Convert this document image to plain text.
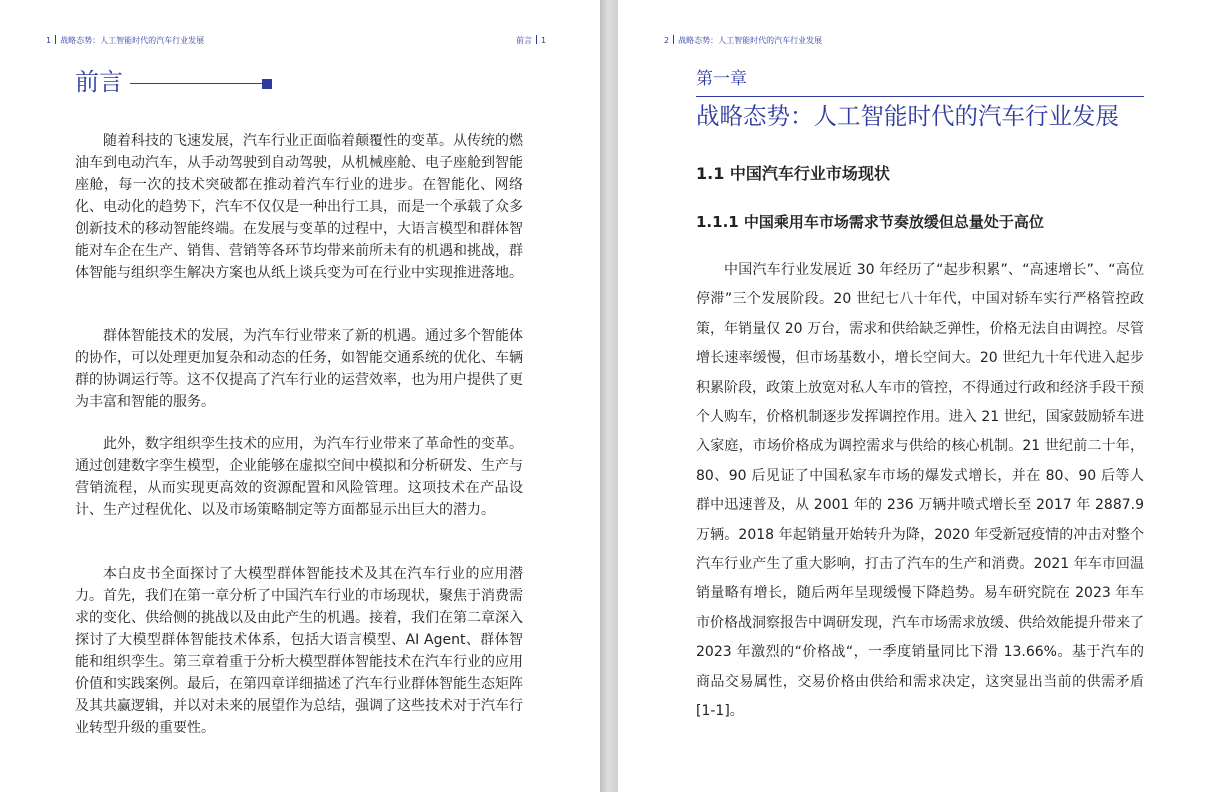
1 战略态势：人工智能时代的汽车行业发展	前言 1
前言

随着科技的飞速发展，汽车行业正面临着颠覆性的变革。从传统的燃油车到电动汽车，从手动驾驶到自动驾驶，从机械座舱、电子座舱到智能座舱，每一次的技术突破都在推动着汽车行业的进步。在智能化、网络化、电动化的趋势下，汽车不仅仅是一种出行工具，而是一个承载了众多创新技术的移动智能终端。在发展与变革的过程中，大语言模型和群体智能对车企在生产、销售、营销等各环节均带来前所未有的机遇和挑战，群体智能与组织孪生解决方案也从纸上谈兵变为可在行业中实现推进落地。

群体智能技术的发展，为汽车行业带来了新的机遇。通过多个智能体的协作，可以处理更加复杂和动态的任务，如智能交通系统的优化、车辆群的协调运行等。这不仅提高了汽车行业的运营效率，也为用户提供了更为丰富和智能的服务。

此外，数字组织孪生技术的应用，为汽车行业带来了革命性的变革。通过创建数字孪生模型，企业能够在虚拟空间中模拟和分析研发、生产与营销流程，从而实现更高效的资源配置和风险管理。这项技术在产品设计、生产过程优化、以及市场策略制定等方面都显示出巨大的潜力。

本白皮书全面探讨了大模型群体智能技术及其在汽车行业的应用潜力。首先，我们在第一章分析了中国汽车行业的市场现状，聚焦于消费需求的变化、供给侧的挑战以及由此产生的机遇。接着，我们在第二章深入探讨了大模型群体智能技术体系，包括大语言模型、AI Agent、群体智能和组织孪生。第三章着重于分析大模型群体智能技术在汽车行业的应用价值和实践案例。最后，在第四章详细描述了汽车行业群体智能生态矩阵及其共赢逻辑，并以对未来的展望作为总结，强调了这些技术对于汽车行业转型升级的重要性。

2 战略态势：人工智能时代的汽车行业发展
第一章
战略态势：人工智能时代的汽车行业发展
1.1 中国汽车行业市场现状
1.1.1 中国乘用车市场需求节奏放缓但总量处于高位

中国汽车行业发展近 30 年经历了“起步积累”、“高速增长”、“高位停滞”三个发展阶段。20 世纪七八十年代，中国对轿车实行严格管控政策，年销量仅 20 万台，需求和供给缺乏弹性，价格无法自由调控。尽管增长速率缓慢，但市场基数小，增长空间大。20 世纪九十年代进入起步积累阶段，政策上放宽对私人车市的管控，不得通过行政和经济手段干预个人购车，价格机制逐步发挥调控作用。进入 21 世纪，国家鼓励轿车进入家庭，市场价格成为调控需求与供给的核心机制。21 世纪前二十年，80、90 后见证了中国私家车市场的爆发式增长，并在 80、90 后等人群中迅速普及，从 2001 年的 236 万辆井喷式增长至 2017 年 2887.9 万辆。2018 年起销量开始转升为降，2020 年受新冠疫情的冲击对整个汽车行业产生了重大影响，打击了汽车的生产和消费。2021 年车市回温销量略有增长，随后两年呈现缓慢下降趋势。易车研究院在 2023 年车市价格战洞察报告中调研发现，汽车市场需求放缓、供给效能提升带来了 2023 年激烈的“价格战“，一季度销量同比下滑 13.66%。基于汽车的商品交易属性，交易价格由供给和需求决定，这突显出当前的供需矛盾 [1-1]。
